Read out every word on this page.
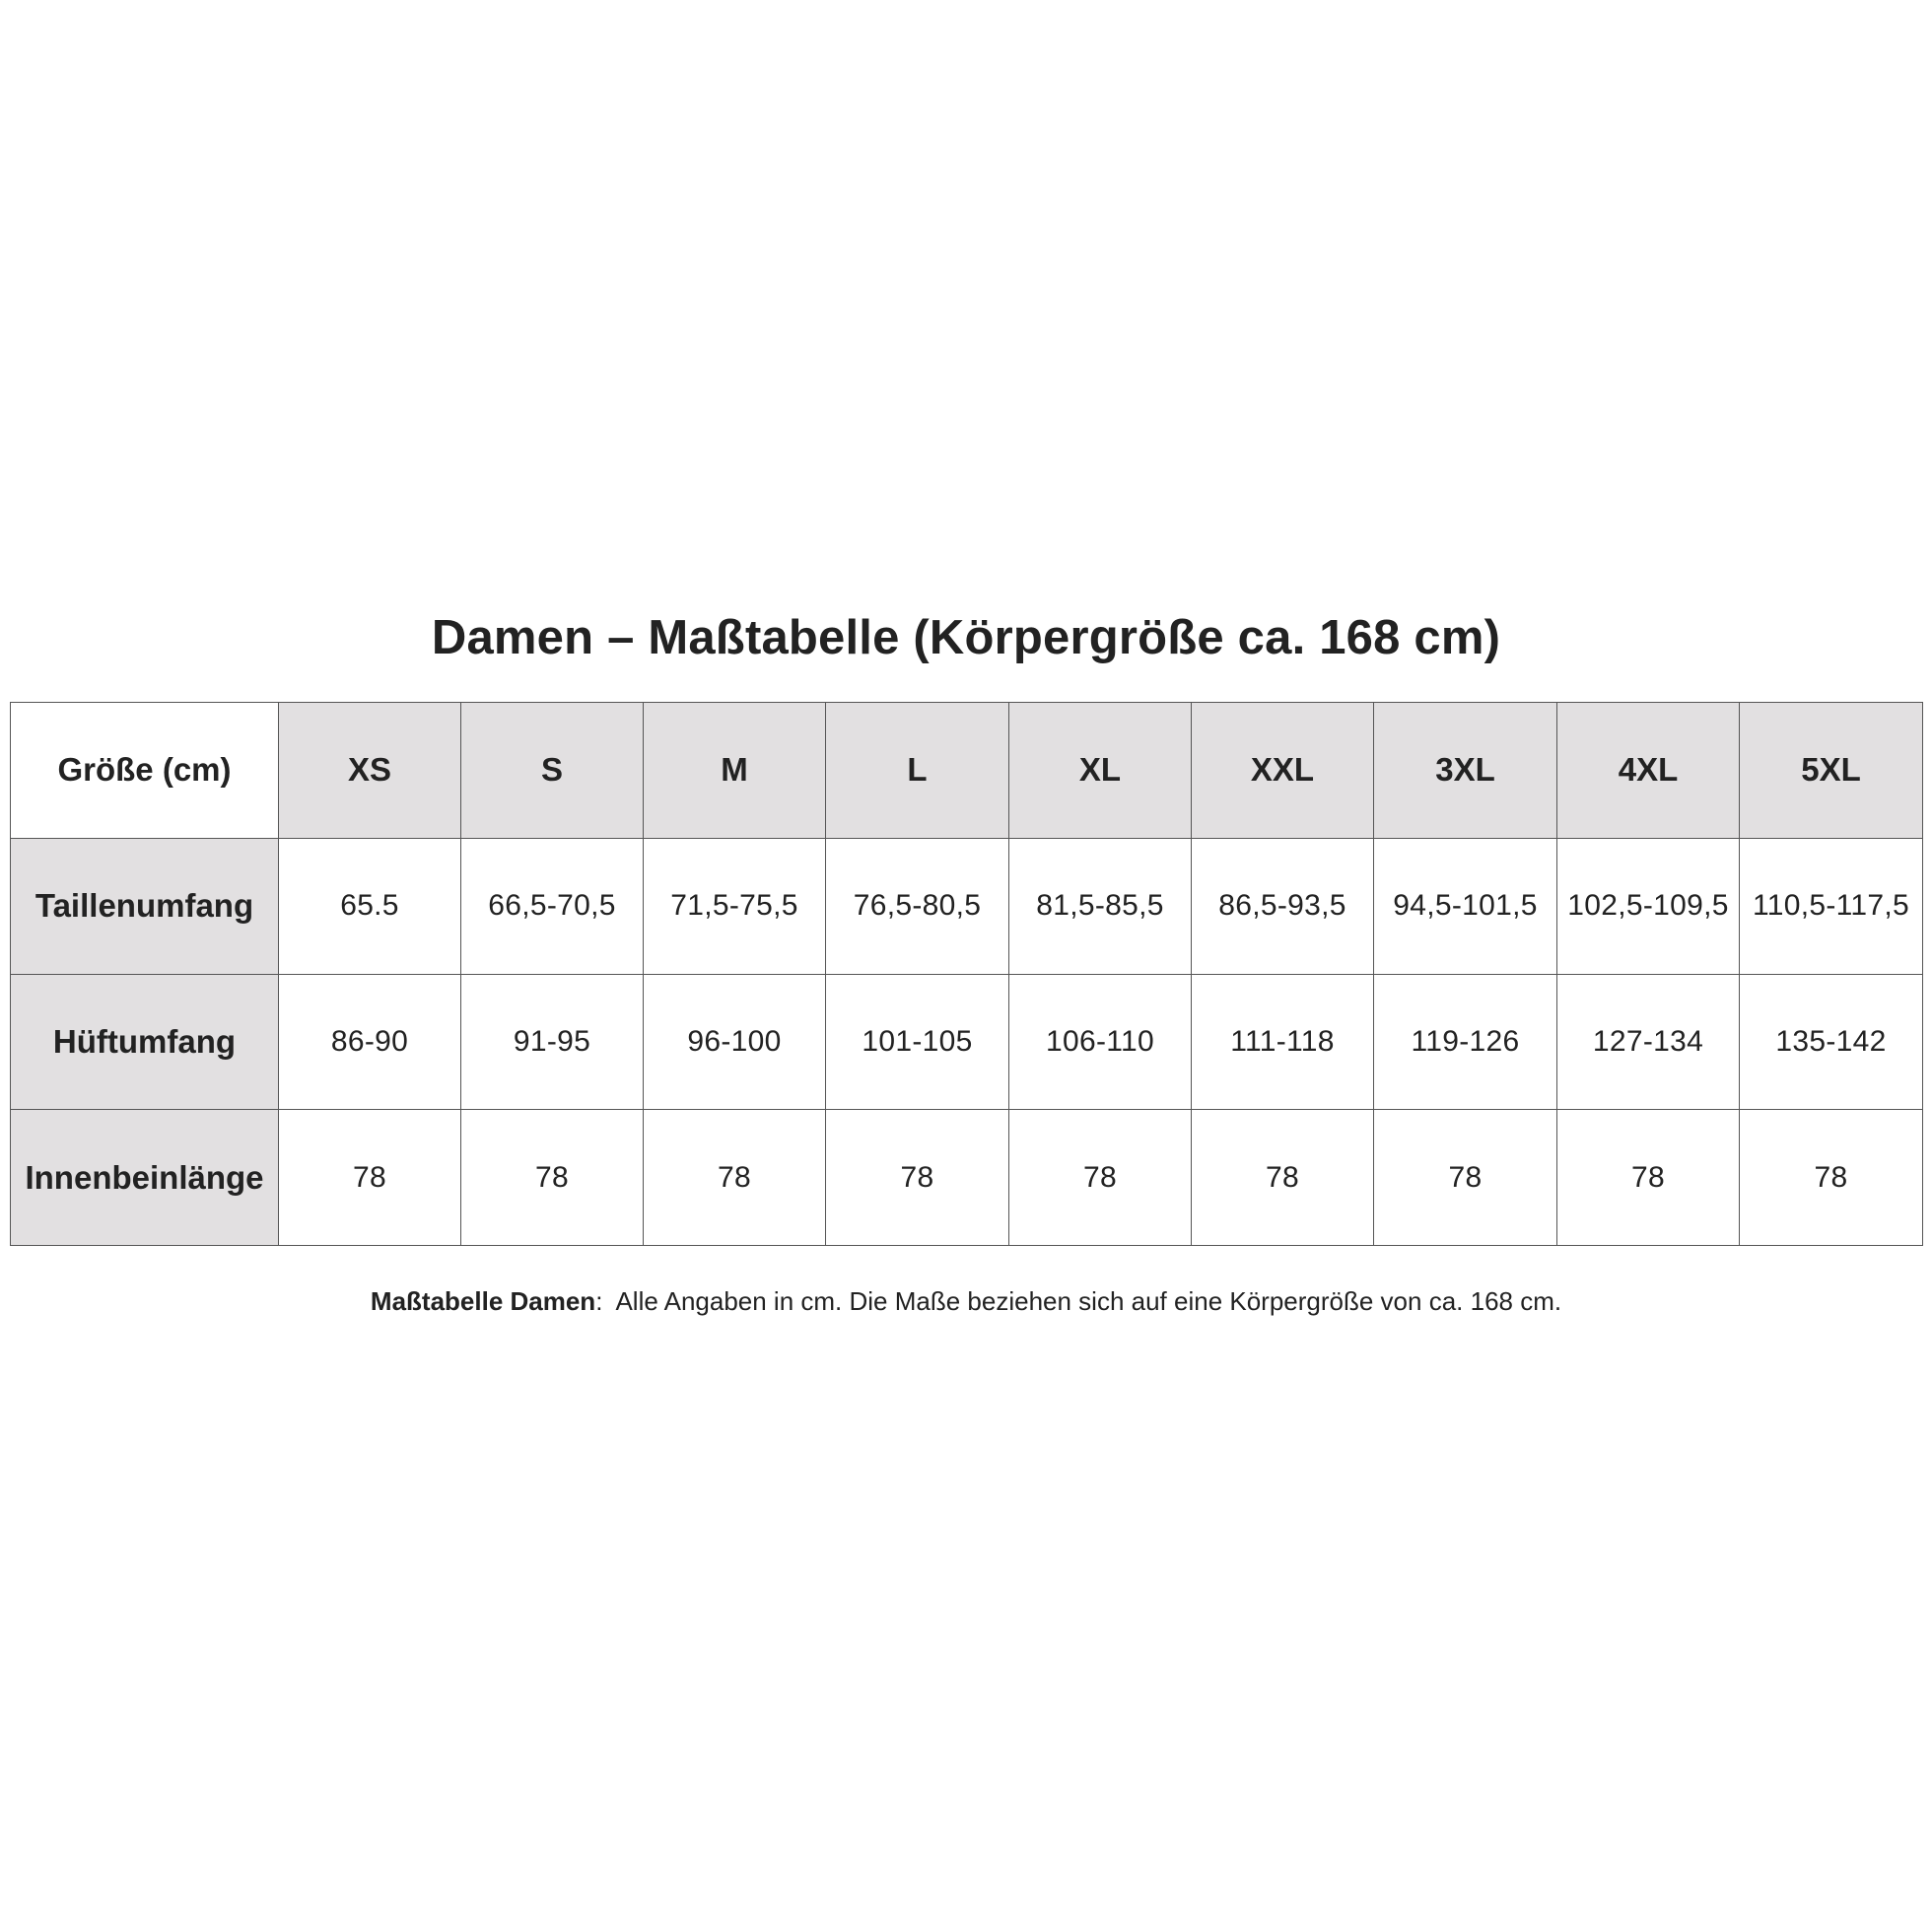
Damen – Maßtabelle (Körpergröße ca. 168 cm)
Größe (cm)	XS	S	M	L	XL	XXL	3XL	4XL	5XL
Taillenumfang	65.5	66,5-70,5	71,5-75,5	76,5-80,5	81,5-85,5	86,5-93,5	94,5-101,5	102,5-109,5	110,5-117,5
Hüftumfang	86-90	91-95	96-100	101-105	106-110	111-118	119-126	127-134	135-142
Innenbeinlänge	78	78	78	78	78	78	78	78	78
Maßtabelle Damen: Alle Angaben in cm. Die Maße beziehen sich auf eine Körpergröße von ca. 168 cm.
